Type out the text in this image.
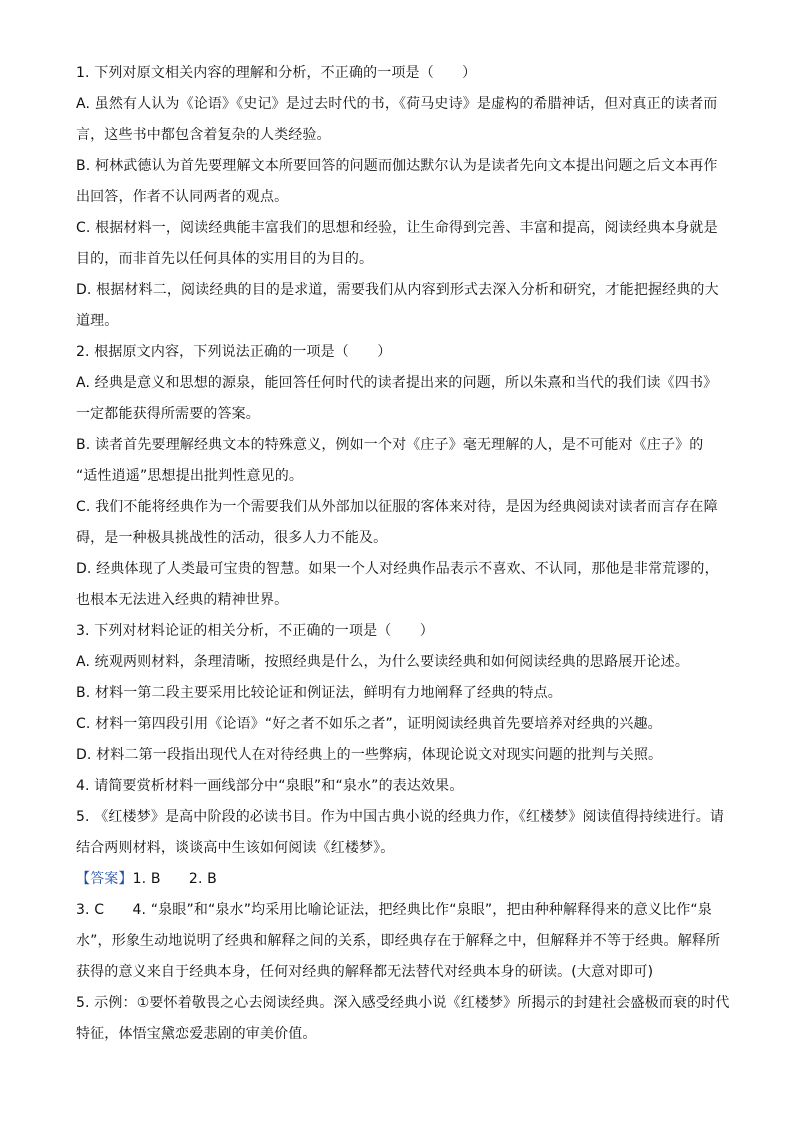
1. 下列对原文相关内容的理解和分析，不正确的一项是（　　）
A. 虽然有人认为《论语》《史记》是过去时代的书，《荷马史诗》是虚构的希腊神话，但对真正的读者而
言，这些书中都包含着复杂的人类经验。
B. 柯林武德认为首先要理解文本所要回答的问题而伽达默尔认为是读者先向文本提出问题之后文本再作
出回答，作者不认同两者的观点。
C. 根据材料一，阅读经典能丰富我们的思想和经验，让生命得到完善、丰富和提高，阅读经典本身就是
目的，而非首先以任何具体的实用目的为目的。
D. 根据材料二，阅读经典的目的是求道，需要我们从内容到形式去深入分析和研究，才能把握经典的大
道理。
2. 根据原文内容，下列说法正确的一项是（　　）
A. 经典是意义和思想的源泉，能回答任何时代的读者提出来的问题，所以朱熹和当代的我们读《四书》
一定都能获得所需要的答案。
B. 读者首先要理解经典文本的特殊意义，例如一个对《庄子》毫无理解的人，是不可能对《庄子》的
“适性逍遥”思想提出批判性意见的。
C. 我们不能将经典作为一个需要我们从外部加以征服的客体来对待，是因为经典阅读对读者而言存在障
碍，是一种极具挑战性的活动，很多人力不能及。
D. 经典体现了人类最可宝贵的智慧。如果一个人对经典作品表示不喜欢、不认同，那他是非常荒谬的，
也根本无法进入经典的精神世界。
3. 下列对材料论证的相关分析，不正确的一项是（　　）
A. 统观两则材料，条理清晰，按照经典是什么，为什么要读经典和如何阅读经典的思路展开论述。
B. 材料一第二段主要采用比较论证和例证法，鲜明有力地阐释了经典的特点。
C. 材料一第四段引用《论语》“好之者不如乐之者”，证明阅读经典首先要培养对经典的兴趣。
D. 材料二第一段指出现代人在对待经典上的一些弊病，体现论说文对现实问题的批判与关照。
4. 请简要赏析材料一画线部分中“泉眼”和“泉水”的表达效果。
5. 《红楼梦》是高中阶段的必读书目。作为中国古典小说的经典力作，《红楼梦》阅读值得持续进行。请
结合两则材料，谈谈高中生该如何阅读《红楼梦》。
【答案】1. B　　2. B
3. C　　4. “泉眼”和“泉水”均采用比喻论证法，把经典比作“泉眼”，把由种种解释得来的意义比作“泉
水”，形象生动地说明了经典和解释之间的关系，即经典存在于解释之中，但解释并不等于经典。解释所
获得的意义来自于经典本身，任何对经典的解释都无法替代对经典本身的研读。(大意对即可)
5. 示例：①要怀着敬畏之心去阅读经典。深入感受经典小说《红楼梦》所揭示的封建社会盛极而衰的时代
特征，体悟宝黛恋爱悲剧的审美价值。
